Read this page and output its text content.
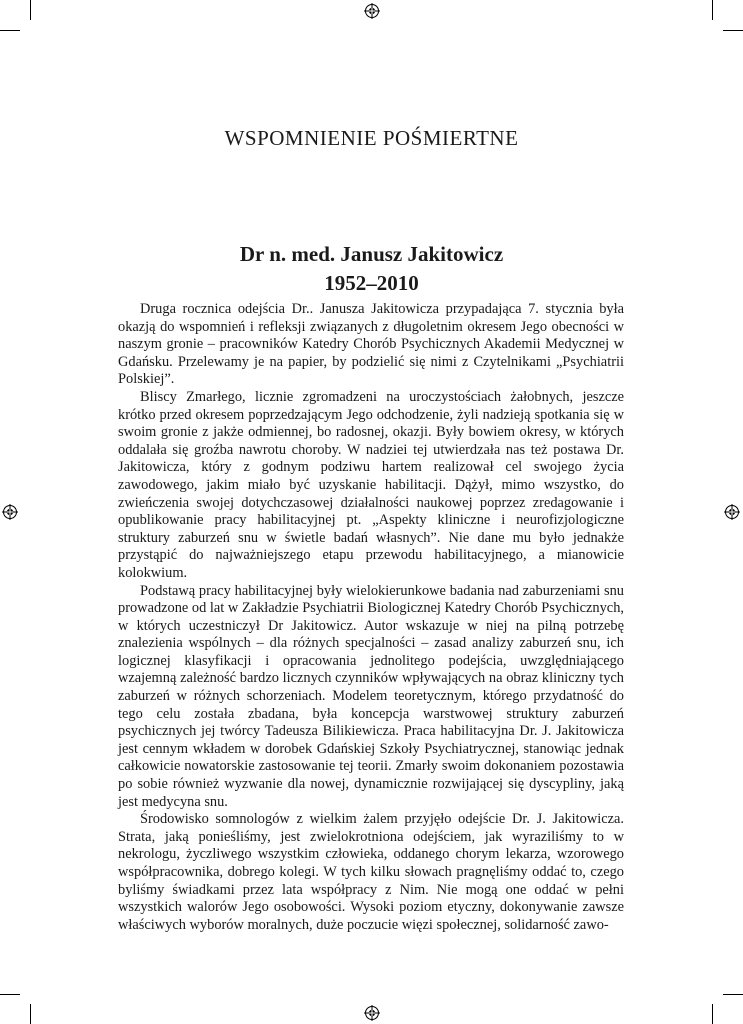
WSPOMNIENIE POŚMIERTNE
Dr n. med. Janusz Jakitowicz
1952–2010

Druga rocznica odejścia Dr.. Janusza Jakitowicza przypadająca 7. stycznia była okazją do wspomnień i refleksji związanych z długoletnim okresem Jego obecności w naszym gronie – pracowników Katedry Chorób Psychicznych Akademii Medycznej w Gdańsku. Przelewamy je na papier, by podzielić się nimi z Czytelnikami „Psychiatrii Polskiej”.

Bliscy Zmarłego, licznie zgromadzeni na uroczystościach żałobnych, jeszcze krótko przed okresem poprzedzającym Jego odchodzenie, żyli nadzieją spotkania się w swoim gronie z jakże odmiennej, bo radosnej, okazji. Były bowiem okresy, w których oddalała się groźba nawrotu choroby. W nadziei tej utwierdzała nas też postawa Dr. Jakitowicza, który z godnym podziwu hartem realizował cel swojego życia zawodowego, jakim miało być uzyskanie habilitacji. Dążył, mimo wszystko, do zwieńczenia swojej dotychczasowej działalności naukowej poprzez zredagowanie i opublikowanie pracy habilitacyjnej pt. „Aspekty kliniczne i neurofizjologiczne struktury zaburzeń snu w świetle badań własnych”. Nie dane mu było jednakże przystąpić do najważniejszego etapu przewodu habilitacyjnego, a mianowicie kolokwium.

Podstawą pracy habilitacyjnej były wielokierunkowe badania nad zaburzeniami snu prowadzone od lat w Zakładzie Psychiatrii Biologicznej Katedry Chorób Psychicznych, w których uczestniczył Dr Jakitowicz. Autor wskazuje w niej na pilną potrzebę znalezienia wspólnych – dla różnych specjalności – zasad analizy zaburzeń snu, ich logicznej klasyfikacji i opracowania jednolitego podejścia, uwzględniającego wzajemną zależność bardzo licznych czynników wpływających na obraz kliniczny tych zaburzeń w różnych schorzeniach. Modelem teoretycznym, którego przydatność do tego celu została zbadana, była koncepcja warstwowej struktury zaburzeń psychicznych jej twórcy Tadeusza Bilikiewicza. Praca habilitacyjna Dr. J. Jakitowicza jest cennym wkładem w dorobek Gdańskiej Szkoły Psychiatrycznej, stanowiąc jednak całkowicie nowatorskie zastosowanie tej teorii. Zmarły swoim dokonaniem pozostawia po sobie również wyzwanie dla nowej, dynamicznie rozwijającej się dyscypliny, jaką jest medycyna snu.

Środowisko somnologów z wielkim żalem przyjęło odejście Dr. J. Jakitowicza. Strata, jaką ponieśliśmy, jest zwielokrotniona odejściem, jak wyraziliśmy to w nekrologu, życzliwego wszystkim człowieka, oddanego chorym lekarza, wzorowego współpracownika, dobrego kolegi. W tych kilku słowach pragnęliśmy oddać to, czego byliśmy świadkami przez lata współpracy z Nim. Nie mogą one oddać w pełni wszystkich walorów Jego osobowości. Wysoki poziom etyczny, dokonywanie zawsze właściwych wyborów moralnych, duże poczucie więzi społecznej, solidarność zawo-
